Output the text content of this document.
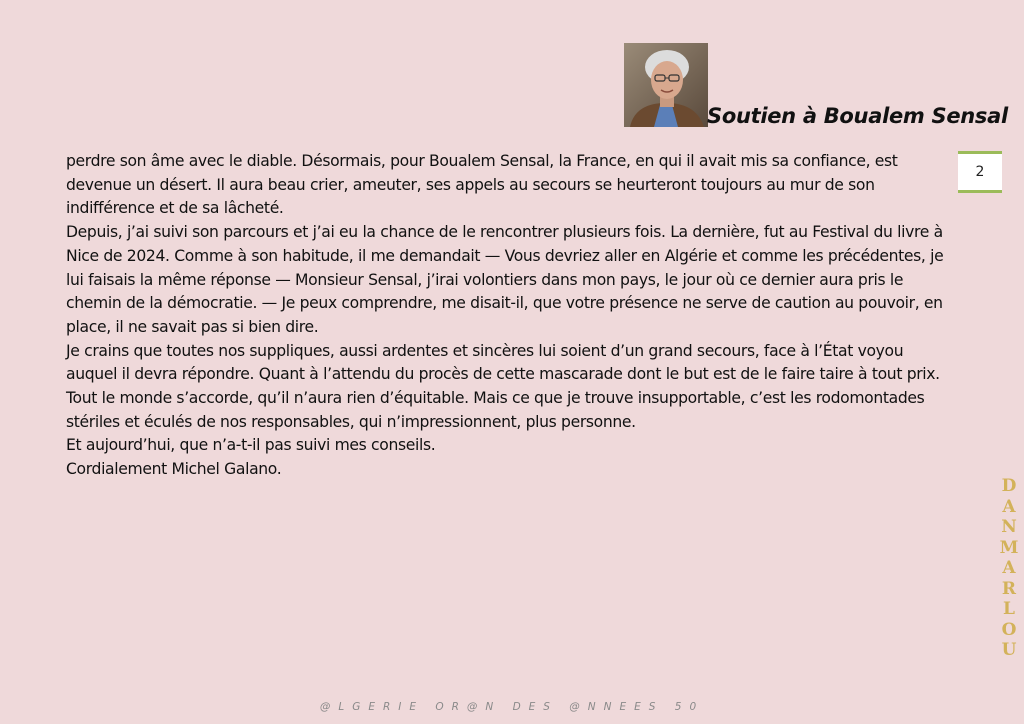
Soutien à Boualem Sensal
2

perdre son âme avec le diable. Désormais, pour Boualem Sensal, la France, en qui il avait mis sa confiance, est devenue un désert. Il aura beau crier, ameuter, ses appels au secours se heurteront toujours au mur de son indifférence et de sa lâcheté.

Depuis, j’ai suivi son parcours et j’ai eu la chance de le rencontrer plusieurs fois. La dernière, fut au Festival du livre à Nice de 2024. Comme à son habitude, il me demandait — Vous devriez aller en Algérie et comme les précédentes, je lui faisais la même réponse — Monsieur Sensal, j’irai volontiers dans mon pays, le jour où ce dernier aura pris le chemin de la démocratie. — Je peux comprendre, me disait-il, que votre présence ne serve de caution au pouvoir, en place, il ne savait pas si bien dire.

Je crains que toutes nos suppliques, aussi ardentes et sincères lui soient d’un grand secours, face à l’État voyou auquel il devra répondre. Quant à l’attendu du procès de cette mascarade dont le but est de le faire taire à tout prix. Tout le monde s’accorde, qu’il n’aura rien d’équitable. Mais ce que je trouve insupportable, c’est les rodomontades stériles et éculés de nos responsables, qui n’impressionnent, plus personne.

Et aujourd’hui, que n’a-t-il pas suivi mes conseils.

Cordialement Michel Galano.

D
A
N
M
A
R
L
O
U
@LGERIE OR@N DES @NNEES 50
